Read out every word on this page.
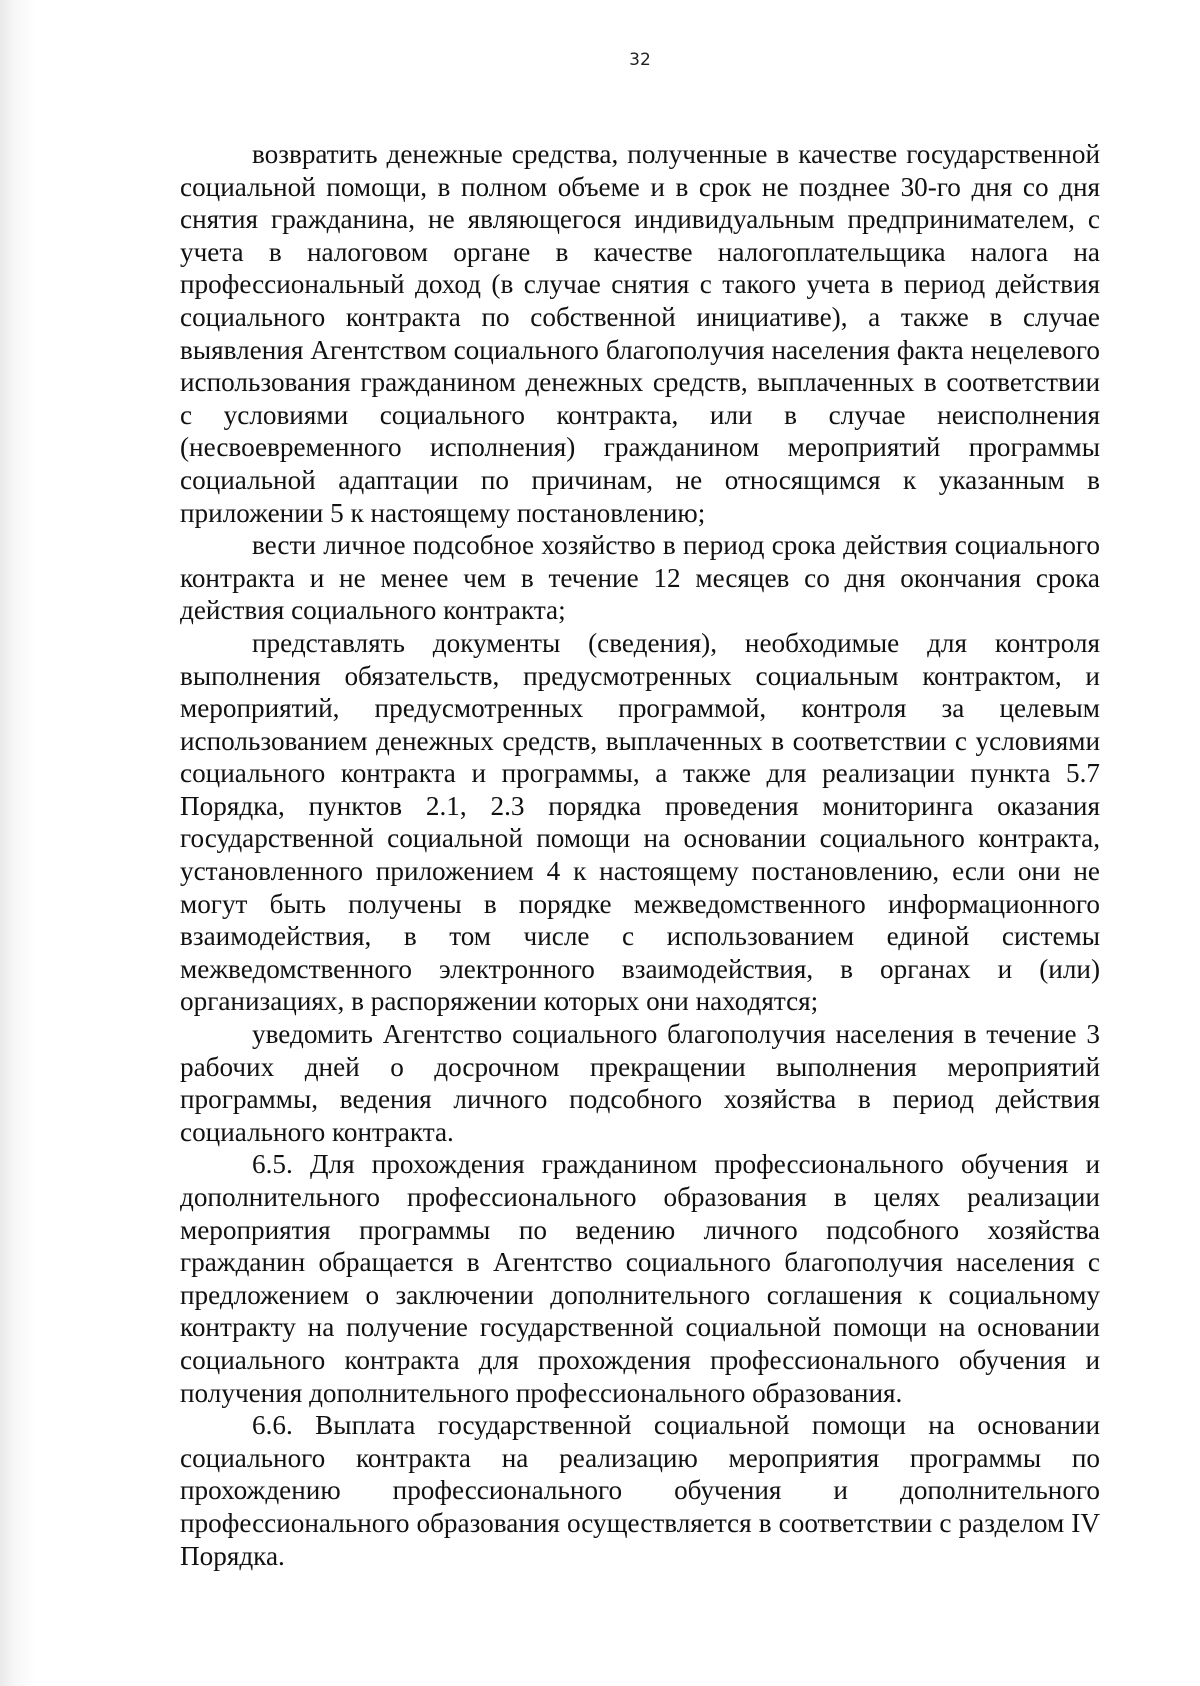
32

возвратить денежные средства, полученные в качестве государственной социальной помощи, в полном объеме и в срок не позднее 30-го дня со дня снятия гражданина, не являющегося индивидуальным предпринимателем, с учета в налоговом органе в качестве налогоплательщика налога на профессиональный доход (в случае снятия с такого учета в период действия социального контракта по собственной инициативе), а также в случае выявления Агентством социального благополучия населения факта нецелевого использования гражданином денежных средств, выплаченных в соответствии с условиями социального контракта, или в случае неисполнения (несвоевременного исполнения) гражданином мероприятий программы социальной адаптации по причинам, не относящимся к указанным в приложении 5 к настоящему постановлению;

вести личное подсобное хозяйство в период срока действия социального контракта и не менее чем в течение 12 месяцев со дня окончания срока действия социального контракта;

представлять документы (сведения), необходимые для контроля выполнения обязательств, предусмотренных социальным контрактом, и мероприятий, предусмотренных программой, контроля за целевым использованием денежных средств, выплаченных в соответствии с условиями социального контракта и программы, а также для реализации пункта 5.7 Порядка, пунктов 2.1, 2.3 порядка проведения мониторинга оказания государственной социальной помощи на основании социального контракта, установленного приложением 4 к настоящему постановлению, если они не могут быть получены в порядке межведомственного информационного взаимодействия, в том числе с использованием единой системы межведомственного электронного взаимодействия, в органах и (или) организациях, в распоряжении которых они находятся;

уведомить Агентство социального благополучия населения в течение 3 рабочих дней о досрочном прекращении выполнения мероприятий программы, ведения личного подсобного хозяйства в период действия социального контракта.

6.5. Для прохождения гражданином профессионального обучения и дополнительного профессионального образования в целях реализации мероприятия программы по ведению личного подсобного хозяйства гражданин обращается в Агентство социального благополучия населения с предложением о заключении дополнительного соглашения к социальному контракту на получение государственной социальной помощи на основании социального контракта для прохождения профессионального обучения и получения дополнительного профессионального образования.

6.6. Выплата государственной социальной помощи на основании социального контракта на реализацию мероприятия программы по прохождению профессионального обучения и дополнительного профессионального образования осуществляется в соответствии с разделом IV Порядка.
